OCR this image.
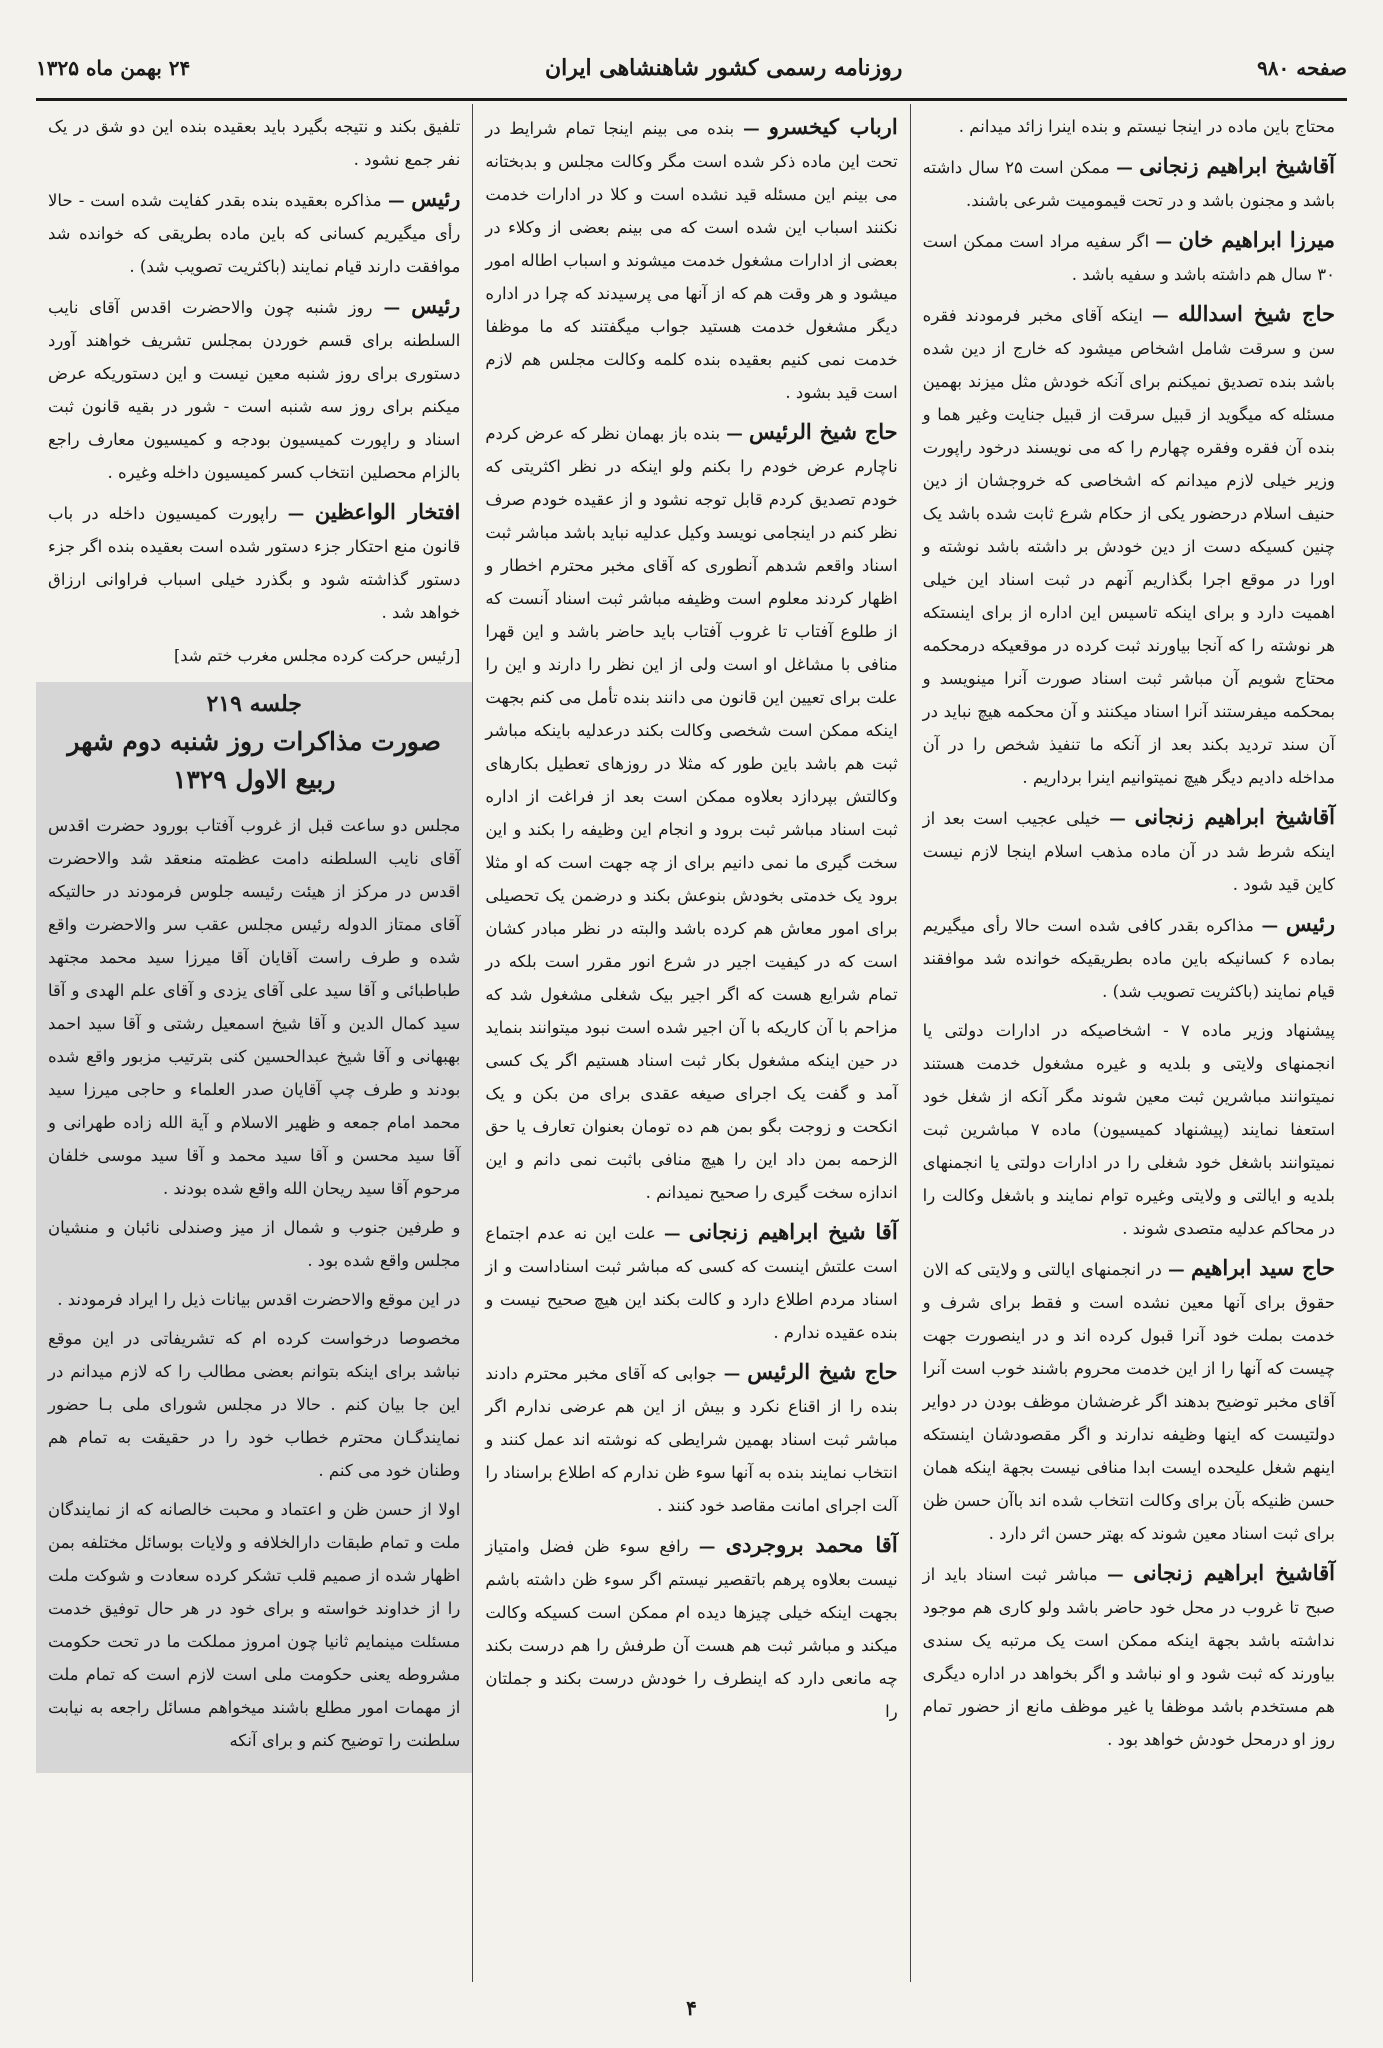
صفحه ۹۸۰
روزنامه رسمی کشور شاهنشاهی ایران
۲۴ بهمن ماه ۱۳۲۵

محتاج باین ماده در اینجا نیستم و بنده اینرا زائد میدانم .

آقاشیخ ابراهیم زنجانی — ممکن است ۲۵ سال داشته باشد و مجنون باشد و در تحت قیمومیت شرعی باشند.

میرزا ابراهیم خان — اگر سفیه مراد است ممکن است ۳۰ سال هم داشته باشد و سفیه باشد .

حاج شیخ اسدالله — اینکه آقای مخبر فرمودند فقره سن و سرقت شامل اشخاص میشود که خارج از دین شده باشد بنده تصدیق نمیکنم برای آنکه خودش مثل میزند بهمین مسئله که میگوید از قبیل سرقت از قبیل جنایت وغیر هما و بنده آن فقره وفقره چهارم را که می نویسند درخود راپورت وزیر خیلی لازم میدانم که اشخاصی که خروجشان از دین حنیف اسلام درحضور یکی از حکام شرع ثابت شده باشد یک چنین کسیکه دست از دین خودش بر داشته باشد نوشته و اورا در موقع اجرا بگذاریم آنهم در ثبت اسناد این خیلی اهمیت دارد و برای اینکه تاسیس این اداره از برای اینستکه هر نوشته را که آنجا بیاورند ثبت کرده در موقعیکه درمحکمه محتاج شویم آن مباشر ثبت اسناد صورت آنرا مینویسد و بمحکمه میفرستند آنرا اسناد میکنند و آن محکمه هیچ نباید در آن سند تردید بکند بعد از آنکه ما تنفیذ شخص را در آن مداخله دادیم دیگر هیچ نمیتوانیم اینرا برداریم .

آقاشیخ ابراهیم زنجانی — خیلی عجیب است بعد از اینکه شرط شد در آن ماده مذهب اسلام اینجا لازم نیست کاین قید شود .

رئیس — مذاکره بقدر کافی شده است حالا رأی میگیریم بماده ۶ کسانیکه باین ماده بطریقیکه خوانده شد موافقند قیام نمایند (باکثریت تصویب شد) .

پیشنهاد وزیر ماده ۷ - اشخاصیکه در ادارات دولتی یا انجمنهای ولایتی و بلدیه و غیره مشغول خدمت هستند نمیتوانند مباشرین ثبت معین شوند مگر آنکه از شغل خود استعفا نمایند (پیشنهاد کمیسیون) ماده ۷ مباشرین ثبت نمیتوانند باشغل خود شغلی را در ادارات دولتی یا انجمنهای بلدیه و ایالتی و ولایتی وغیره توام نمایند و باشغل وکالت را در محاکم عدلیه متصدی شوند .

حاج سید ابراهیم — در انجمنهای ایالتی و ولایتی که الان حقوق برای آنها معین نشده است و فقط برای شرف و خدمت بملت خود آنرا قبول کرده اند و در اینصورت جهت چیست که آنها را از این خدمت محروم باشند خوب است آنرا آقای مخبر توضیح بدهند اگر غرضشان موظف بودن در دوایر دولتیست که اینها وظیفه ندارند و اگر مقصودشان اینستکه اینهم شغل علیحده ایست ابدا منافی نیست بجهة اینکه همان حسن ظنیکه بآن برای وکالت انتخاب شده اند باآن حسن ظن برای ثبت اسناد معین شوند که بهتر حسن اثر دارد .

آقاشیخ ابراهیم زنجانی — مباشر ثبت اسناد باید از صبح تا غروب در محل خود حاضر باشد ولو کاری هم موجود نداشته باشد بجهة اینکه ممکن است یک مرتبه یک سندی بیاورند که ثبت شود و او نباشد و اگر بخواهد در اداره دیگری هم مستخدم باشد موظفا یا غیر موظف مانع از حضور تمام روز او درمحل خودش خواهد بود .

ارباب کیخسرو — بنده می بینم اینجا تمام شرایط در تحت این ماده ذکر شده است مگر وکالت مجلس و بدبختانه می بینم این مسئله قید نشده است و کلا در ادارات خدمت نکنند اسباب این شده است که می بینم بعضی از وکلاء در بعضی از ادارات مشغول خدمت میشوند و اسباب اطاله امور میشود و هر وقت هم که از آنها می پرسیدند که چرا در اداره دیگر مشغول خدمت هستید جواب میگفتند که ما موظفا خدمت نمی کنیم بعقیده بنده کلمه وکالت مجلس هم لازم است قید بشود .

حاج شیخ الرئیس — بنده باز بهمان نظر که عرض کردم ناچارم عرض خودم را بکنم ولو اینکه در نظر اکثریتی که خودم تصدیق کردم قابل توجه نشود و از عقیده خودم صرف نظر کنم در اینجامی نویسد وکیل عدلیه نباید باشد مباشر ثبت اسناد واقعم شدهم آنطوری که آقای مخبر محترم اخطار و اظهار کردند معلوم است وظیفه مباشر ثبت اسناد آنست که از طلوع آفتاب تا غروب آفتاب باید حاضر باشد و این قهرا منافی با مشاغل او است ولی از این نظر را دارند و این را علت برای تعیین این قانون می دانند بنده تأمل می کنم بجهت اینکه ممکن است شخصی وکالت بکند درعدلیه باینکه مباشر ثبت هم باشد باین طور که مثلا در روزهای تعطیل بکارهای وکالتش بپردازد بعلاوه ممکن است بعد از فراغت از اداره ثبت اسناد مباشر ثبت برود و انجام این وظیفه را بکند و این سخت گیری ما نمی دانیم برای از چه جهت است که او مثلا برود یک خدمتی بخودش بنوعش بکند و درضمن یک تحصیلی برای امور معاش هم کرده باشد والبته در نظر مبادر کشان است که در کیفیت اجیر در شرع انور مقرر است بلکه در تمام شرایع هست که اگر اجیر بیک شغلی مشغول شد که مزاحم با آن کاریکه با آن اجیر شده است نبود میتوانند بنماید در حین اینکه مشغول بکار ثبت اسناد هستیم اگر یک کسی آمد و گفت یک اجرای صیغه عقدی برای من بکن و یک انکحت و زوجت بگو بمن هم ده تومان بعنوان تعارف یا حق الزحمه بمن داد این را هیچ منافی باثبت نمی دانم و این اندازه سخت گیری را صحیح نمیدانم .

آقا شیخ ابراهیم زنجانی — علت این نه عدم اجتماع است علتش اینست که کسی که مباشر ثبت اسناداست و از اسناد مردم اطلاع دارد و کالت بکند این هیچ صحیح نیست و بنده عقیده ندارم .

حاج شیخ الرئیس — جوابی که آقای مخبر محترم دادند بنده را از اقناع نکرد و بیش از این هم عرضی ندارم اگر مباشر ثبت اسناد بهمین شرایطی که نوشته اند عمل کنند و انتخاب نمایند بنده به آنها سوء ظن ندارم که اطلاع براسناد را آلت اجرای امانت مقاصد خود کنند .

آقا محمد بروجردی — رافع سوء ظن فضل وامتیاز نیست بعلاوه پرهم باتقصیر نیستم اگر سوء ظن داشته باشم بجهت اینکه خیلی چیزها دیده ام ممکن است کسیکه وکالت میکند و مباشر ثبت هم هست آن طرفش را هم درست بکند چه مانعی دارد که اینطرف را خودش درست بکند و جملتان را

تلفیق بکند و نتیجه بگیرد باید بعقیده بنده این دو شق در یک نفر جمع نشود .

رئیس — مذاکره بعقیده بنده بقدر کفایت شده است - حالا رأی میگیریم کسانی که باین ماده بطریقی که خوانده شد موافقت دارند قیام نمایند (باکثریت تصویب شد) .

رئیس — روز شنبه چون والاحضرت اقدس آقای نایب السلطنه برای قسم خوردن بمجلس تشریف خواهند آورد دستوری برای روز شنبه معین نیست و این دستوریکه عرض میکنم برای روز سه شنبه است - شور در بقیه قانون ثبت اسناد و راپورت کمیسیون بودجه و کمیسیون معارف راجع بالزام محصلین انتخاب کسر کمیسیون داخله وغیره .

افتخار الواعظین — راپورت کمیسیون داخله در باب قانون منع احتکار جزء دستور شده است بعقیده بنده اگر جزء دستور گذاشته شود و بگذرد خیلی اسباب فراوانی ارزاق خواهد شد .

[رئیس حرکت کرده مجلس مغرب ختم شد]

جلسه ۲۱۹

صورت مذاکرات روز شنبه دوم شهر ربیع الاول ۱۳۲۹

مجلس دو ساعت قبل از غروب آفتاب بورود حضرت اقدس آقای نایب السلطنه دامت عظمته منعقد شد والاحضرت اقدس در مرکز از هیئت رئیسه جلوس فرمودند در حالتیکه آقای ممتاز الدوله رئیس مجلس عقب سر والاحضرت واقع شده و طرف راست آقایان آقا میرزا سید محمد مجتهد طباطبائی و آقا سید علی آقای یزدی و آقای علم الهدی و آقا سید کمال الدین و آقا شیخ اسمعیل رشتی و آقا سید احمد بهبهانی و آقا شیخ عبدالحسین کنی بترتیب مزبور واقع شده بودند و طرف چپ آقایان صدر العلماء و حاجی میرزا سید محمد امام جمعه و ظهیر الاسلام و آیة الله زاده طهرانی و آقا سید محسن و آقا سید محمد و آقا سید موسی خلفان مرحوم آقا سید ریحان الله واقع شده بودند .

و طرفین جنوب و شمال از میز وصندلی نائبان و منشیان مجلس واقع شده بود .

در این موقع والاحضرت اقدس بیانات ذیل را ایراد فرمودند .

مخصوصا درخواست کرده ام که تشریفاتی در این موقع نباشد برای اینکه بتوانم بعضی مطالب را که لازم میدانم در این جا بیان کنم . حالا در مجلس شورای ملی بـا حضور نمایندگـان محترم خطاب خود را در حقیقت به تمام هم وطنان خود می کنم .

اولا از حسن ظن و اعتماد و محبت خالصانه که از نمایندگان ملت و تمام طبقات دارالخلافه و ولایات بوسائل مختلفه بمن اظهار شده از صمیم قلب تشکر کرده سعادت و شوکت ملت را از خداوند خواسته و برای خود در هر حال توفیق خدمت مسئلت مینمایم ثانیا چون امروز مملکت ما در تحت حکومت مشروطه یعنی حکومت ملی است لازم است که تمام ملت از مهمات امور مطلع باشند میخواهم مسائل راجعه به نیابت سلطنت را توضیح کنم و برای آنکه

۴
